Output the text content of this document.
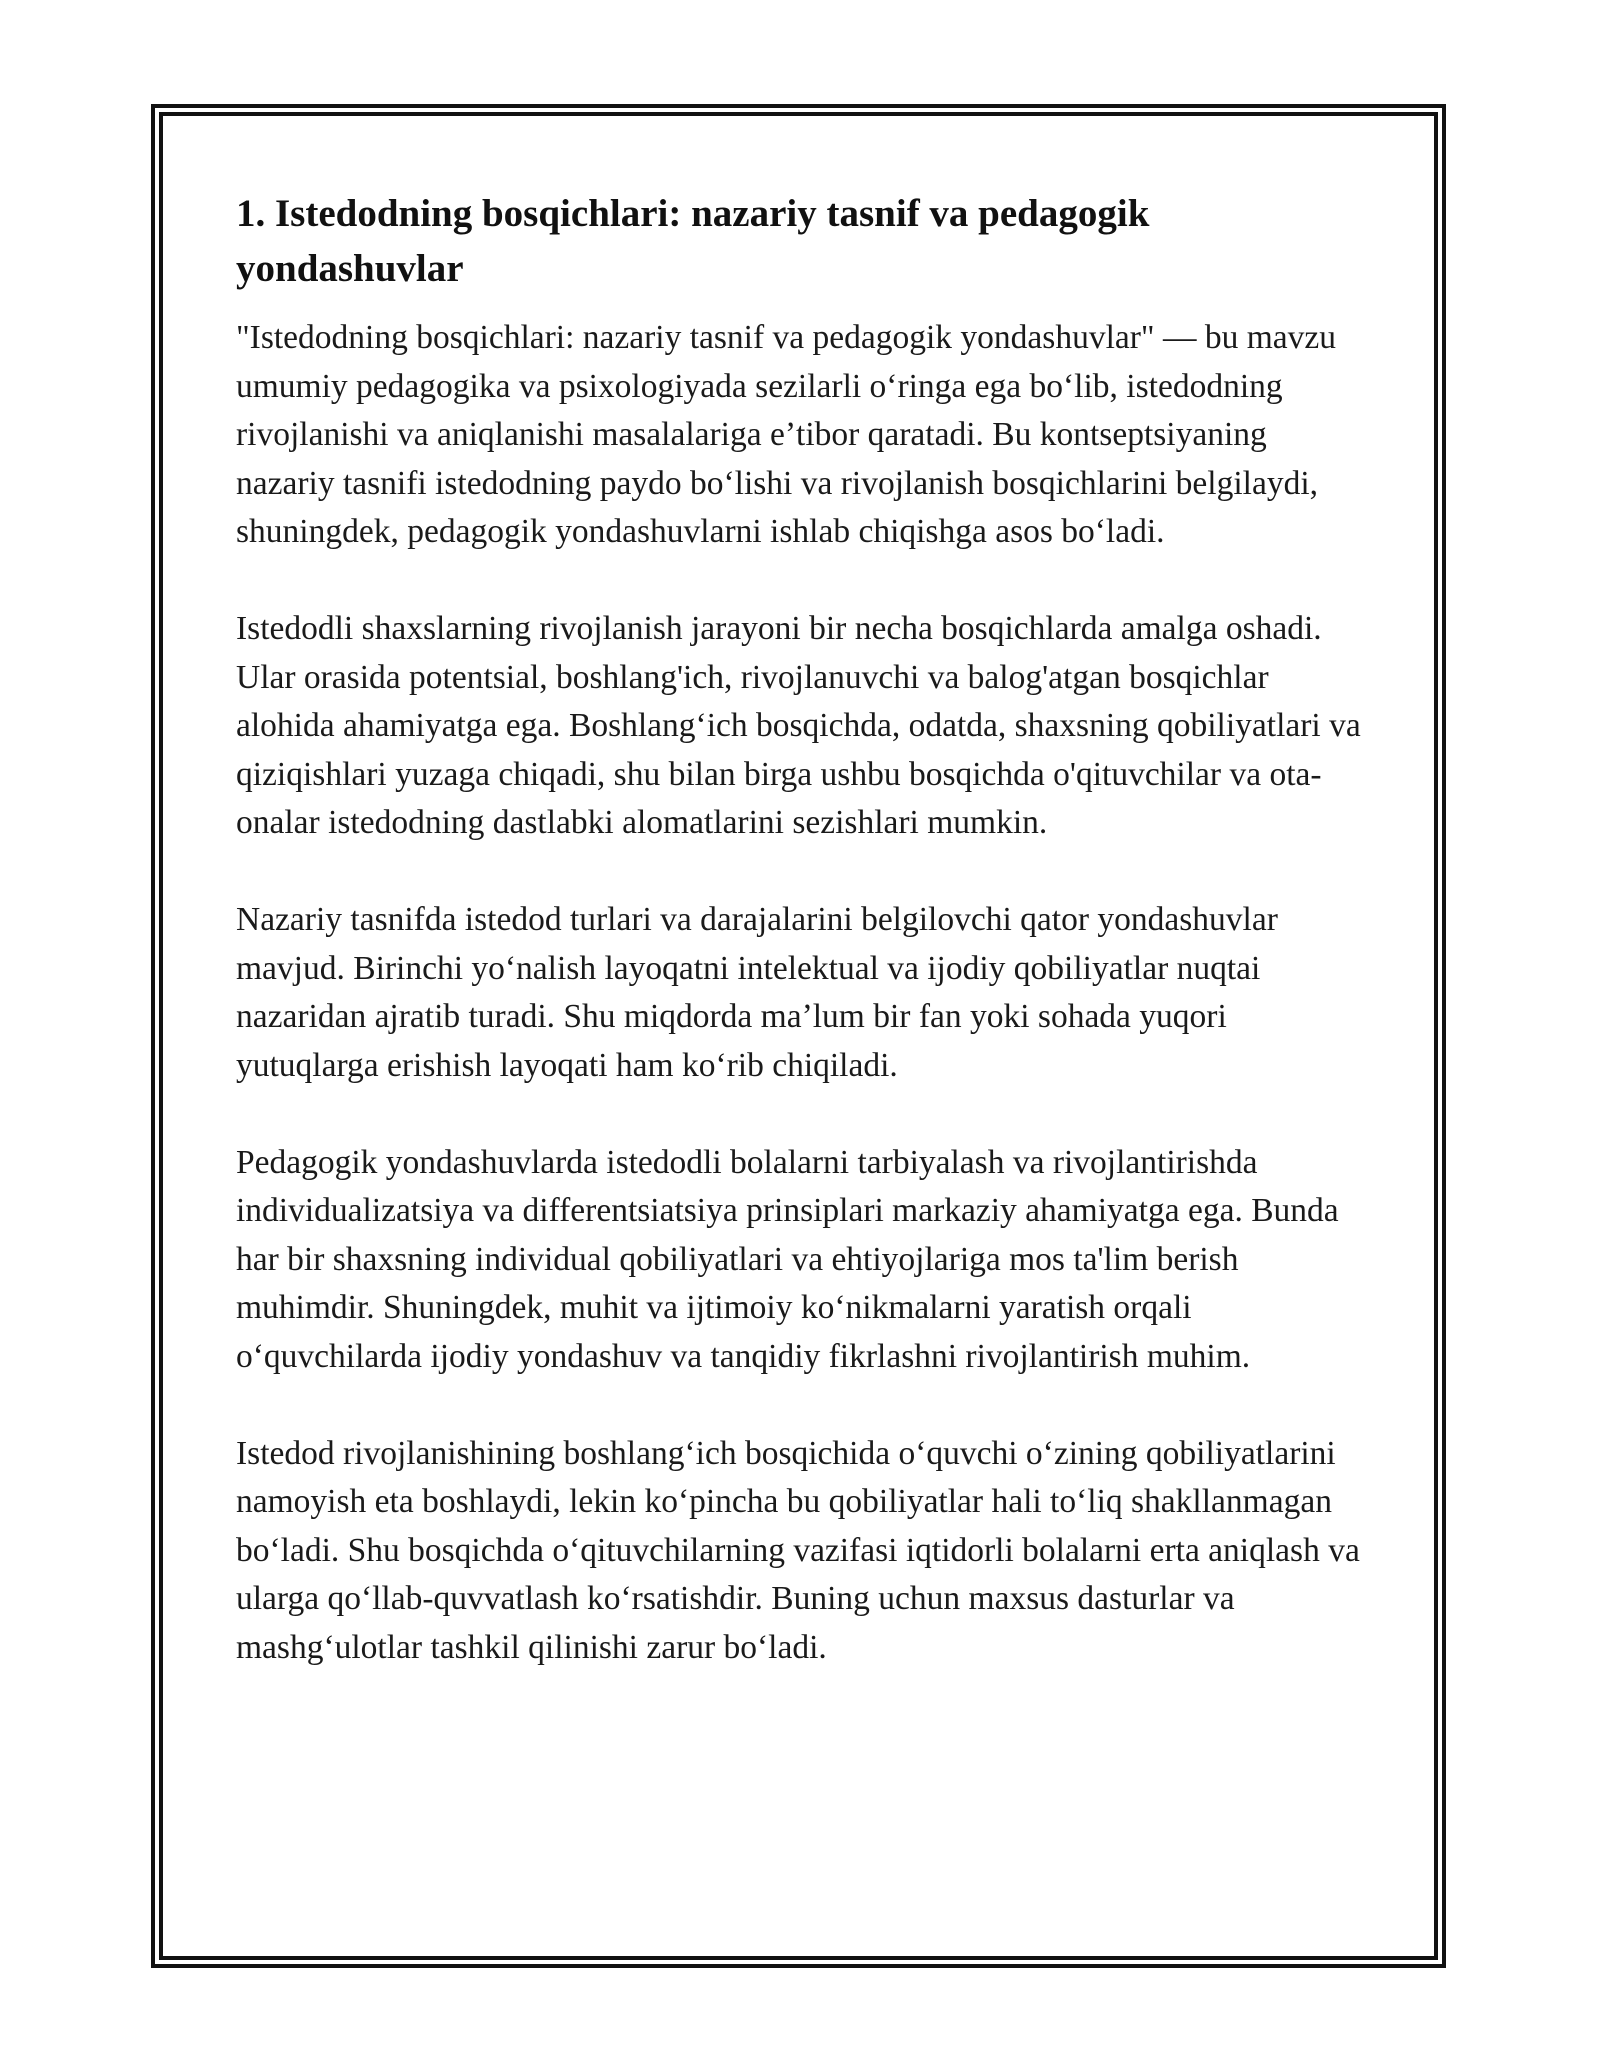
1. Istedodning bosqichlari: nazariy tasnif va pedagogik yondashuvlar

"Istedodning bosqichlari: nazariy tasnif va pedagogik yondashuvlar" — bu mavzu umumiy pedagogika va psixologiyada sezilarli oʻringa ega boʻlib, istedodning rivojlanishi va aniqlanishi masalalariga eʼtibor qaratadi. Bu kontseptsiyaning nazariy tasnifi istedodning paydo boʻlishi va rivojlanish bosqichlarini belgilaydi, shuningdek, pedagogik yondashuvlarni ishlab chiqishga asos boʻladi.

Istedodli shaxslarning rivojlanish jarayoni bir necha bosqichlarda amalga oshadi. Ular orasida potentsial, boshlang'ich, rivojlanuvchi va balog'atgan bosqichlar alohida ahamiyatga ega. Boshlangʻich bosqichda, odatda, shaxsning qobiliyatlari va qiziqishlari yuzaga chiqadi, shu bilan birga ushbu bosqichda o'qituvchilar va ota-onalar istedodning dastlabki alomatlarini sezishlari mumkin.

Nazariy tasnifda istedod turlari va darajalarini belgilovchi qator yondashuvlar mavjud. Birinchi yoʻnalish layoqatni intelektual va ijodiy qobiliyatlar nuqtai nazaridan ajratib turadi. Shu miqdorda maʼlum bir fan yoki sohada yuqori yutuqlarga erishish layoqati ham koʻrib chiqiladi.

Pedagogik yondashuvlarda istedodli bolalarni tarbiyalash va rivojlantirishda individualizatsiya va differentsiatsiya prinsiplari markaziy ahamiyatga ega. Bunda har bir shaxsning individual qobiliyatlari va ehtiyojlariga mos ta'lim berish muhimdir. Shuningdek, muhit va ijtimoiy koʻnikmalarni yaratish orqali oʻquvchilarda ijodiy yondashuv va tanqidiy fikrlashni rivojlantirish muhim.

Istedod rivojlanishining boshlangʻich bosqichida oʻquvchi oʻzining qobiliyatlarini namoyish eta boshlaydi, lekin koʻpincha bu qobiliyatlar hali toʻliq shakllanmagan boʻladi. Shu bosqichda oʻqituvchilarning vazifasi iqtidorli bolalarni erta aniqlash va ularga qoʻllab-quvvatlash koʻrsatishdir. Buning uchun maxsus dasturlar va mashgʻulotlar tashkil qilinishi zarur boʻladi.
